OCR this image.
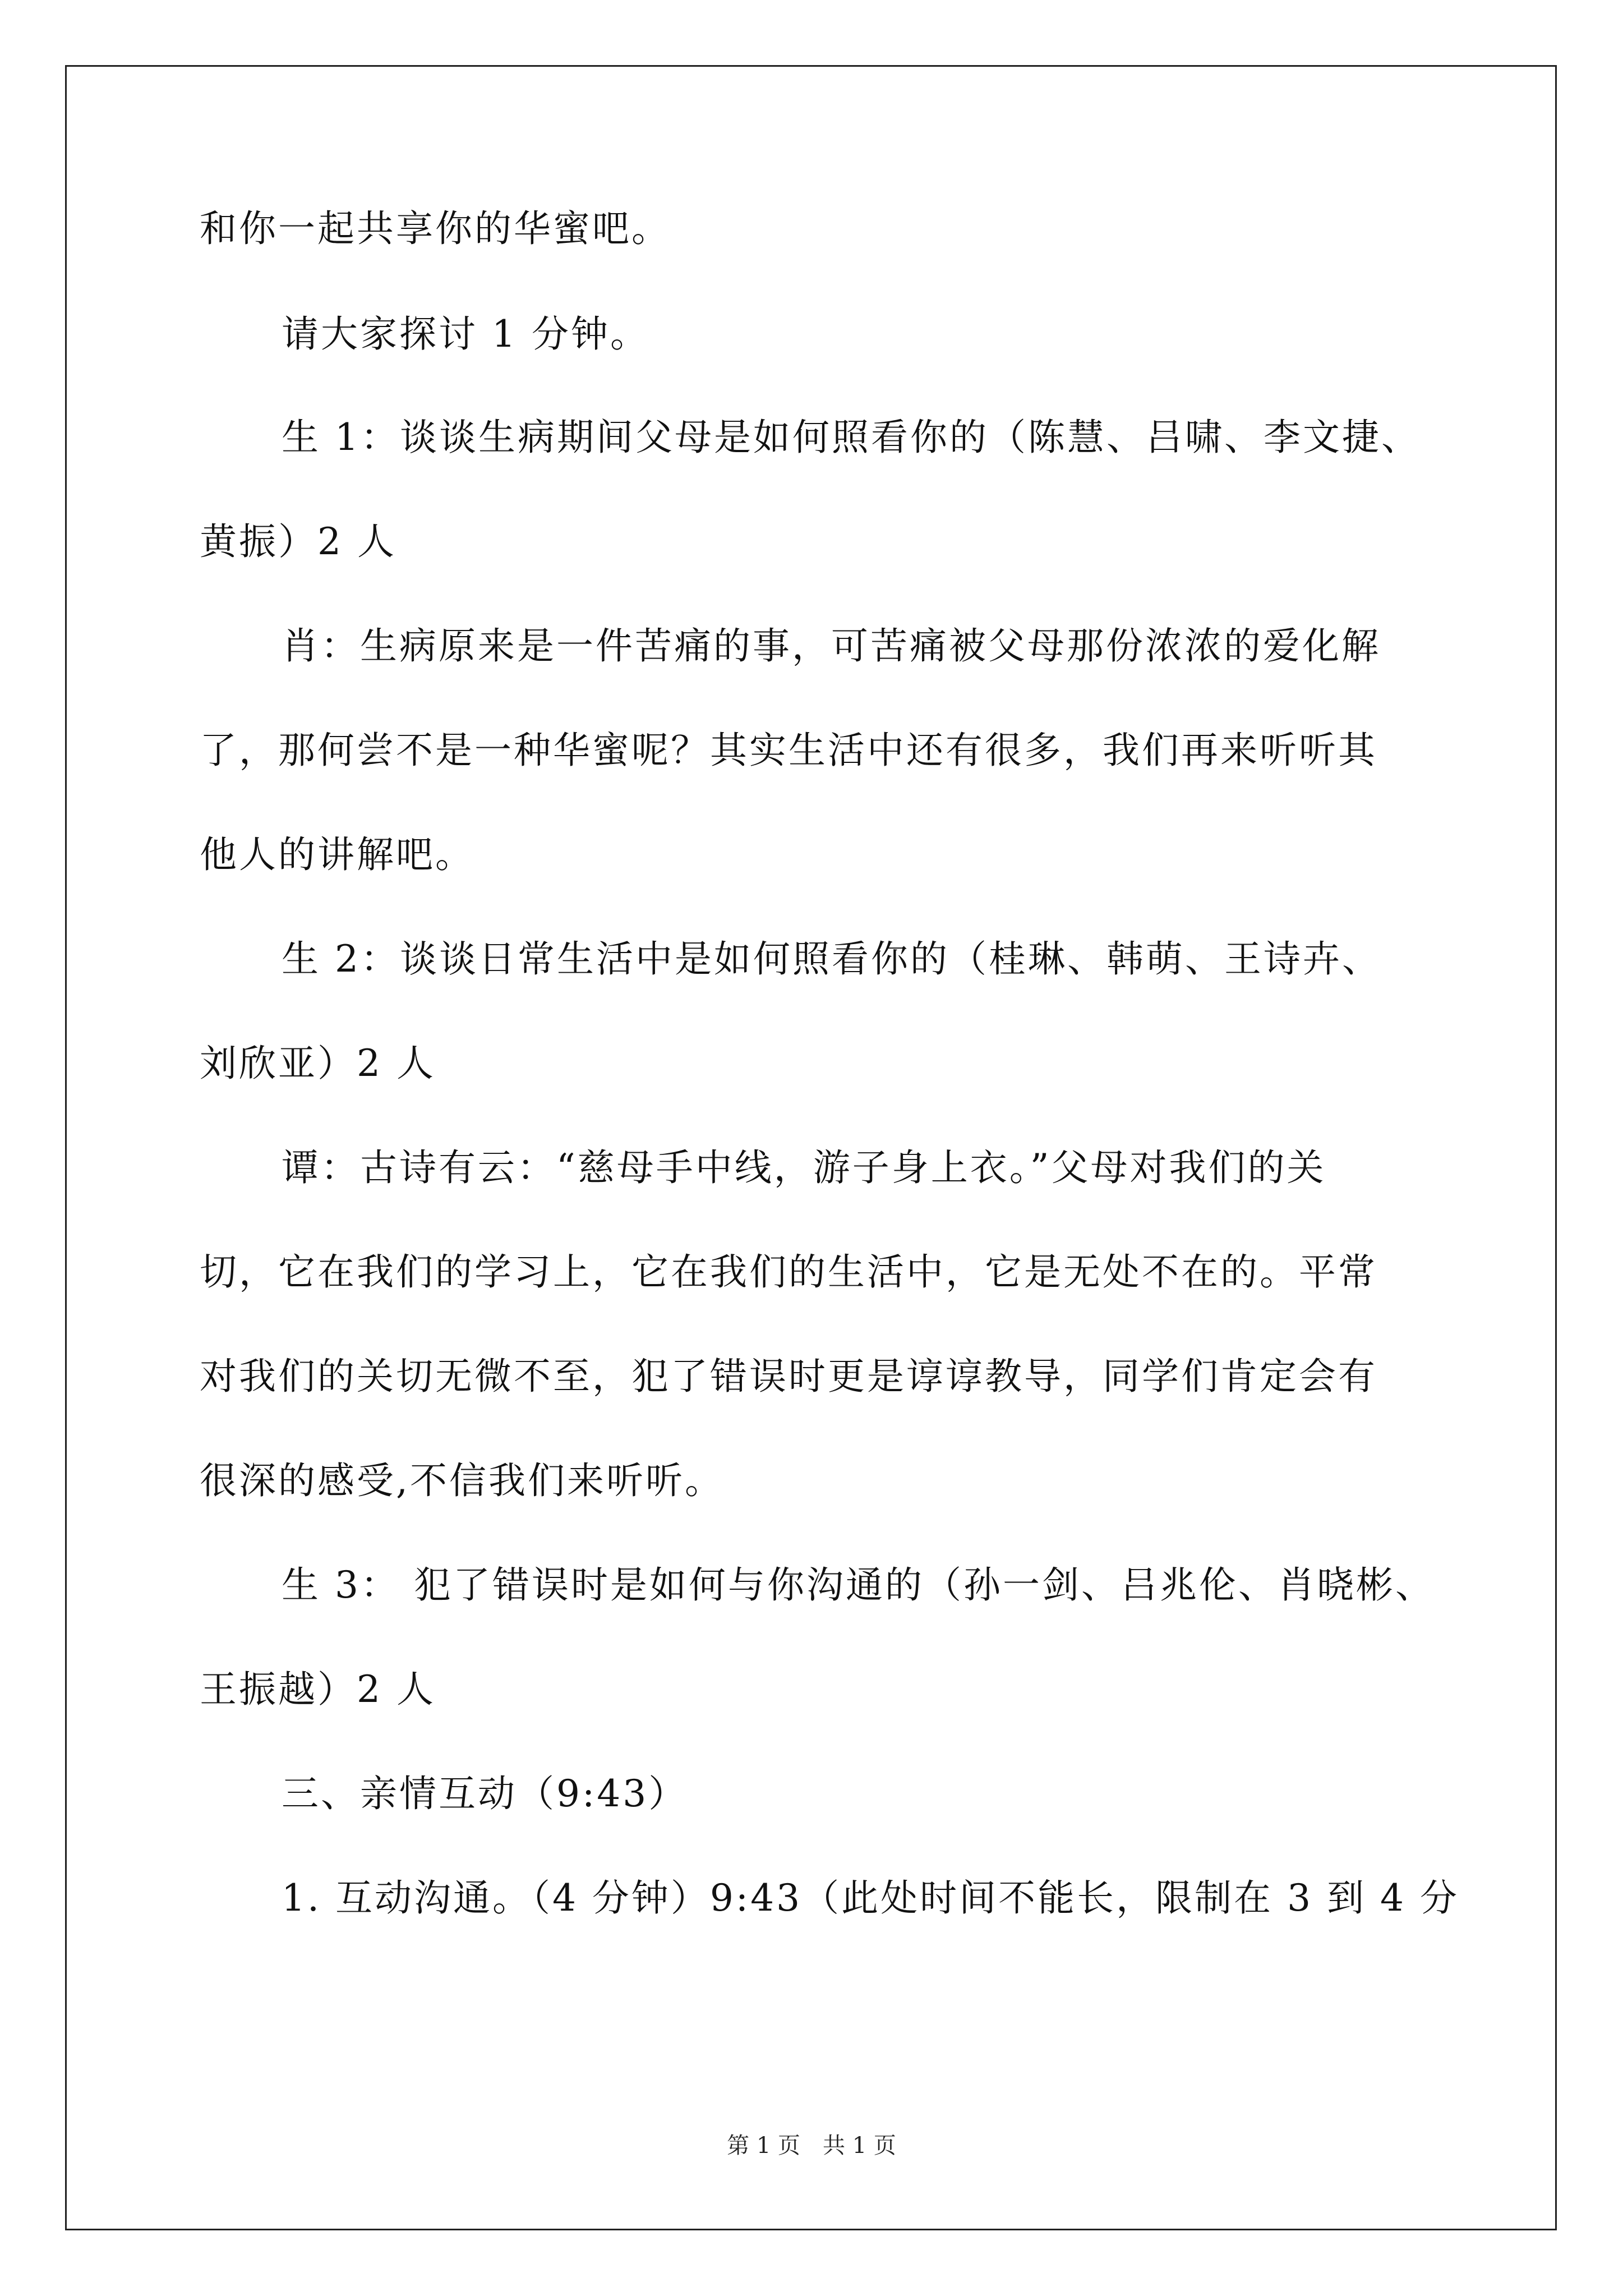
和你一起共享你的华蜜吧。
请大家探讨 1 分钟。
生 1：谈谈生病期间父母是如何照看你的（陈慧、吕啸、李文捷、
黄振）2 人
肖：生病原来是一件苦痛的事，可苦痛被父母那份浓浓的爱化解
了，那何尝不是一种华蜜呢？其实生活中还有很多，我们再来听听其
他人的讲解吧。
生 2：谈谈日常生活中是如何照看你的（桂琳、韩萌、王诗卉、
刘欣亚）2 人
谭：古诗有云：“慈母手中线，游子身上衣。”父母对我们的关
切，它在我们的学习上，它在我们的生活中，它是无处不在的。平常
对我们的关切无微不至，犯了错误时更是谆谆教导，同学们肯定会有
很深的感受,不信我们来听听。
生 3： 犯了错误时是如何与你沟通的（孙一剑、吕兆伦、肖晓彬、
王振越）2 人
三、亲情互动（9:43）
1. 互动沟通。（4 分钟）9:43（此处时间不能长，限制在 3 到 4 分
第 1 页　共 1 页
